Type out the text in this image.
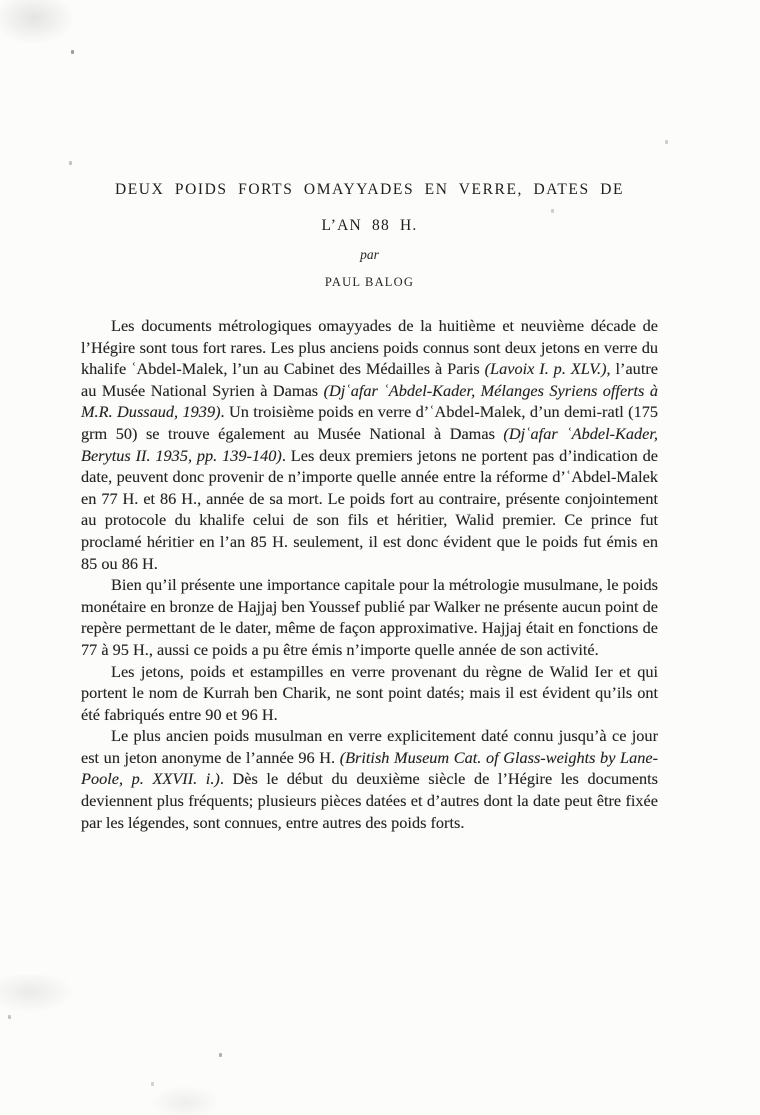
DEUX POIDS FORTS OMAYYADES EN VERRE, DATES DE
L’AN 88 H.
par
PAUL BALOG

Les documents métrologiques omayyades de la huitième et neuvième décade de l’Hégire sont tous fort rares. Les plus anciens poids connus sont deux jetons en verre du khalife ʿAbdel-Malek, l’un au Cabinet des Médailles à Paris (Lavoix I. p. XLV.), l’autre au Musée National Syrien à Damas (Djʿafar ʿAbdel-Kader, Mélanges Syriens offerts à M.R. Dussaud, 1939). Un troisième poids en verre d’ʿAbdel-Malek, d’un demi-ratl (175 grm 50) se trouve également au Musée National à Damas (Djʿafar ʿAbdel-Kader, Berytus II. 1935, pp. 139-140). Les deux premiers jetons ne portent pas d’indication de date, peuvent donc provenir de n’importe quelle année entre la réforme d’ʿAbdel-Malek en 77 H. et 86 H., année de sa mort. Le poids fort au contraire, présente conjointement au protocole du khalife celui de son fils et héritier, Walid premier. Ce prince fut proclamé héritier en l’an 85 H. seulement, il est donc évident que le poids fut émis en 85 ou 86 H.

Bien qu’il présente une importance capitale pour la métrologie musulmane, le poids monétaire en bronze de Hajjaj ben Youssef publié par Walker ne présente aucun point de repère permettant de le dater, même de façon approximative. Hajjaj était en fonctions de 77 à 95 H., aussi ce poids a pu être émis n’importe quelle année de son activité.

Les jetons, poids et estampilles en verre provenant du règne de Walid Ier et qui portent le nom de Kurrah ben Charik, ne sont point datés; mais il est évident qu’ils ont été fabriqués entre 90 et 96 H.

Le plus ancien poids musulman en verre explicitement daté connu jusqu’à ce jour est un jeton anonyme de l’année 96 H. (British Museum Cat. of Glass-weights by Lane-Poole, p. XXVII. i.). Dès le début du deuxième siècle de l’Hégire les documents deviennent plus fréquents; plusieurs pièces datées et d’autres dont la date peut être fixée par les légendes, sont connues, entre autres des poids forts.
